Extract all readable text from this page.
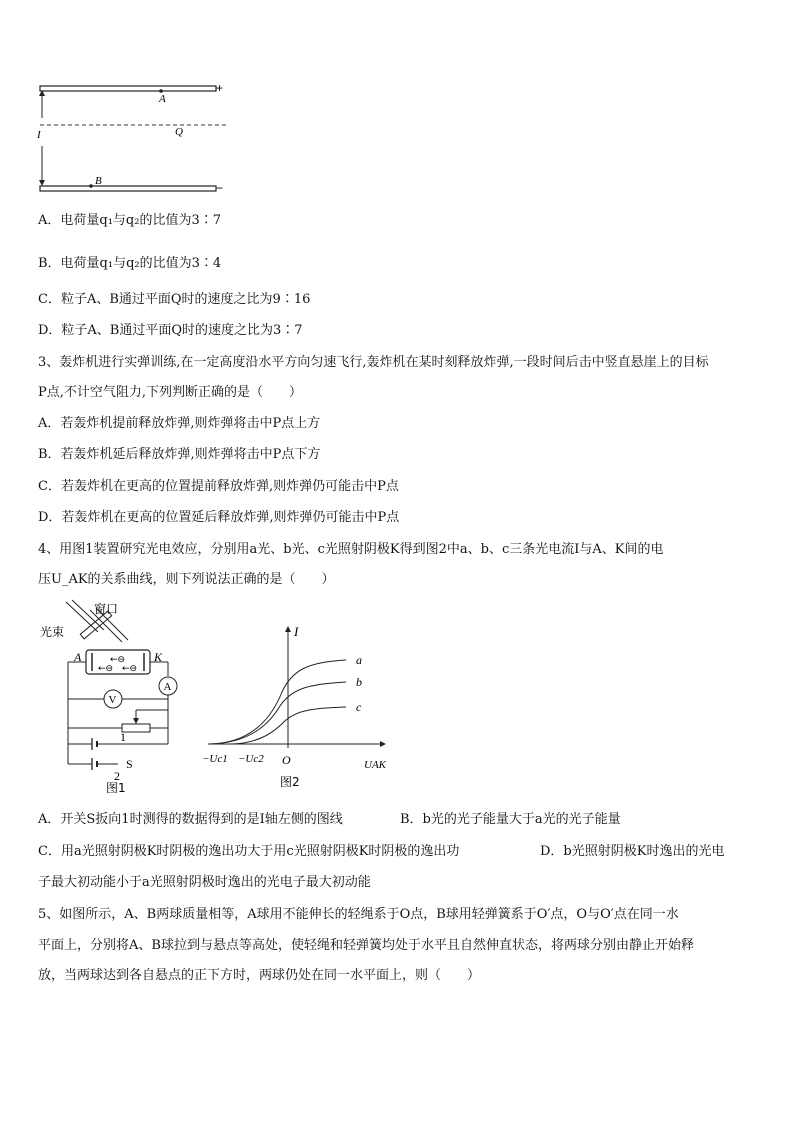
A
B
I	Q
+
−
A．电荷量q₁与q₂的比值为3∶7
B．电荷量q₁与q₂的比值为3∶4
C．粒子A、B通过平面Q时的速度之比为9∶16
D．粒子A、B通过平面Q时的速度之比为3∶7
3、轰炸机进行实弹训练,在一定高度沿水平方向匀速飞行,轰炸机在某时刻释放炸弹,一段时间后击中竖直悬崖上的目标
P点,不计空气阻力,下列判断正确的是（　　）
A．若轰炸机提前释放炸弹,则炸弹将击中P点上方
B．若轰炸机延后释放炸弹,则炸弹将击中P点下方
C．若轰炸机在更高的位置提前释放炸弹,则炸弹仍可能击中P点
D．若轰炸机在更高的位置延后释放炸弹,则炸弹仍可能击中P点
4、用图1装置研究光电效应，分别用a光、b光、c光照射阴极K得到图2中a、b、c三条光电流I与A、K间的电
压U_AK的关系曲线，则下列说法正确的是（　　）
窗口
光束
←⊖
←⊖ ←⊖
A	K
A
V
1
2
S
图1
I
a
b
c
−Uc1 −Uc2 O	UAK
图2
A．开关S扳向1时测得的数据得到的是I轴左侧的图线	B．b光的光子能量大于a光的光子能量
C．用a光照射阴极K时阴极的逸出功大于用c光照射阴极K时阴极的逸出功	D．b光照射阴极K时逸出的光电
子最大初动能小于a光照射阴极时逸出的光电子最大初动能
5、如图所示，A、B两球质量相等，A球用不能伸长的轻绳系于O点，B球用轻弹簧系于O′点，O与O′点在同一水
平面上，分别将A、B球拉到与悬点等高处，使轻绳和轻弹簧均处于水平且自然伸直状态，将两球分别由静止开始释
放，当两球达到各自悬点的正下方时，两球仍处在同一水平面上，则（　　）
